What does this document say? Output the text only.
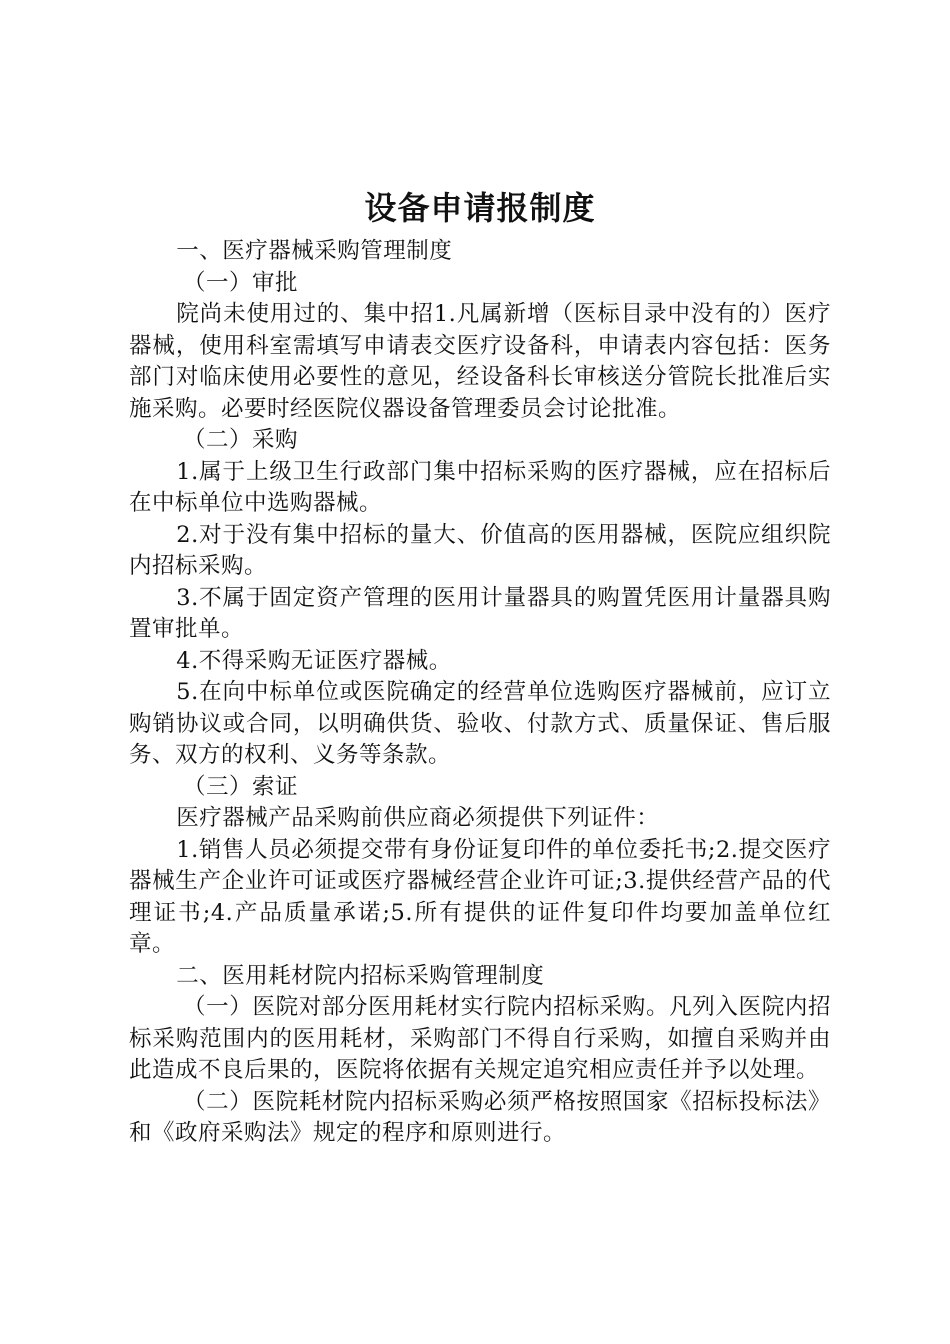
设备申请报制度

一、医疗器械采购管理制度

（一）审批

院尚未使用过的、集中招1.凡属新增（医标目录中没有的）医疗器械，使用科室需填写申请表交医疗设备科，申请表内容包括：医务部门对临床使用必要性的意见，经设备科长审核送分管院长批准后实施采购。必要时经医院仪器设备管理委员会讨论批准。

（二）采购

1.属于上级卫生行政部门集中招标采购的医疗器械，应在招标后在中标单位中选购器械。

2.对于没有集中招标的量大、价值高的医用器械，医院应组织院内招标采购。

3.不属于固定资产管理的医用计量器具的购置凭医用计量器具购置审批单。

4.不得采购无证医疗器械。

5.在向中标单位或医院确定的经营单位选购医疗器械前，应订立购销协议或合同，以明确供货、验收、付款方式、质量保证、售后服务、双方的权利、义务等条款。

（三）索证

医疗器械产品采购前供应商必须提供下列证件：

1.销售人员必须提交带有身份证复印件的单位委托书;2.提交医疗器械生产企业许可证或医疗器械经营企业许可证;3.提供经营产品的代理证书;4.产品质量承诺;5.所有提供的证件复印件均要加盖单位红章。

二、医用耗材院内招标采购管理制度

（一）医院对部分医用耗材实行院内招标采购。凡列入医院内招标采购范围内的医用耗材，采购部门不得自行采购，如擅自采购并由此造成不良后果的，医院将依据有关规定追究相应责任并予以处理。

（二）医院耗材院内招标采购必须严格按照国家《招标投标法》和《政府采购法》规定的程序和原则进行。
